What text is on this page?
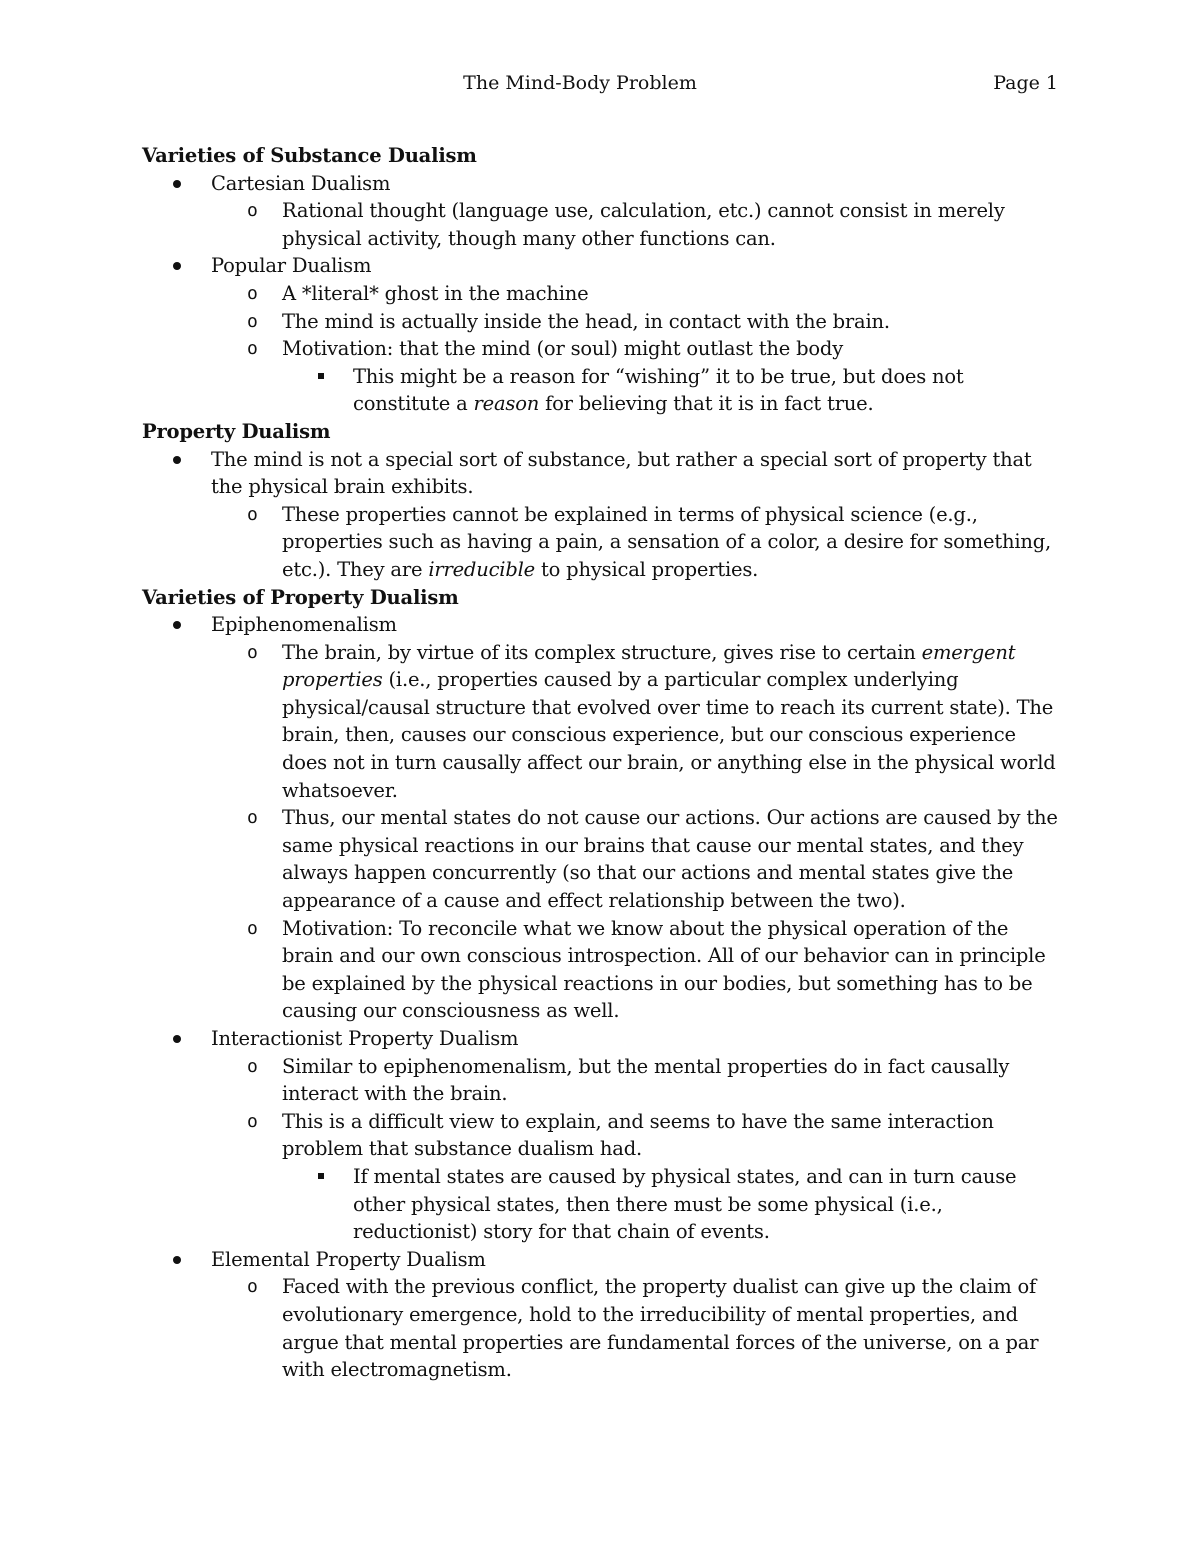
The Mind-Body Problem	Page 1
Varieties of Substance Dualism
Cartesian Dualism
o Rational thought (language use, calculation, etc.) cannot consist in merely physical activity, though many other functions can.
Popular Dualism
o A *literal* ghost in the machine
o The mind is actually inside the head, in contact with the brain.
o Motivation: that the mind (or soul) might outlast the body
This might be a reason for “wishing” it to be true, but does not constitute a reason for believing that it is in fact true.
Property Dualism
The mind is not a special sort of substance, but rather a special sort of property that the physical brain exhibits.
o These properties cannot be explained in terms of physical science (e.g., properties such as having a pain, a sensation of a color, a desire for something, etc.). They are irreducible to physical properties.
Varieties of Property Dualism
Epiphenomenalism
o The brain, by virtue of its complex structure, gives rise to certain emergent properties (i.e., properties caused by a particular complex underlying physical/causal structure that evolved over time to reach its current state). The brain, then, causes our conscious experience, but our conscious experience does not in turn causally affect our brain, or anything else in the physical world whatsoever.
o Thus, our mental states do not cause our actions. Our actions are caused by the same physical reactions in our brains that cause our mental states, and they always happen concurrently (so that our actions and mental states give the appearance of a cause and effect relationship between the two).
o Motivation: To reconcile what we know about the physical operation of the brain and our own conscious introspection. All of our behavior can in principle be explained by the physical reactions in our bodies, but something has to be causing our consciousness as well.
Interactionist Property Dualism
o Similar to epiphenomenalism, but the mental properties do in fact causally interact with the brain.
o This is a difficult view to explain, and seems to have the same interaction problem that substance dualism had.
If mental states are caused by physical states, and can in turn cause other physical states, then there must be some physical (i.e., reductionist) story for that chain of events.
Elemental Property Dualism
o Faced with the previous conflict, the property dualist can give up the claim of evolutionary emergence, hold to the irreducibility of mental properties, and argue that mental properties are fundamental forces of the universe, on a par with electromagnetism.
